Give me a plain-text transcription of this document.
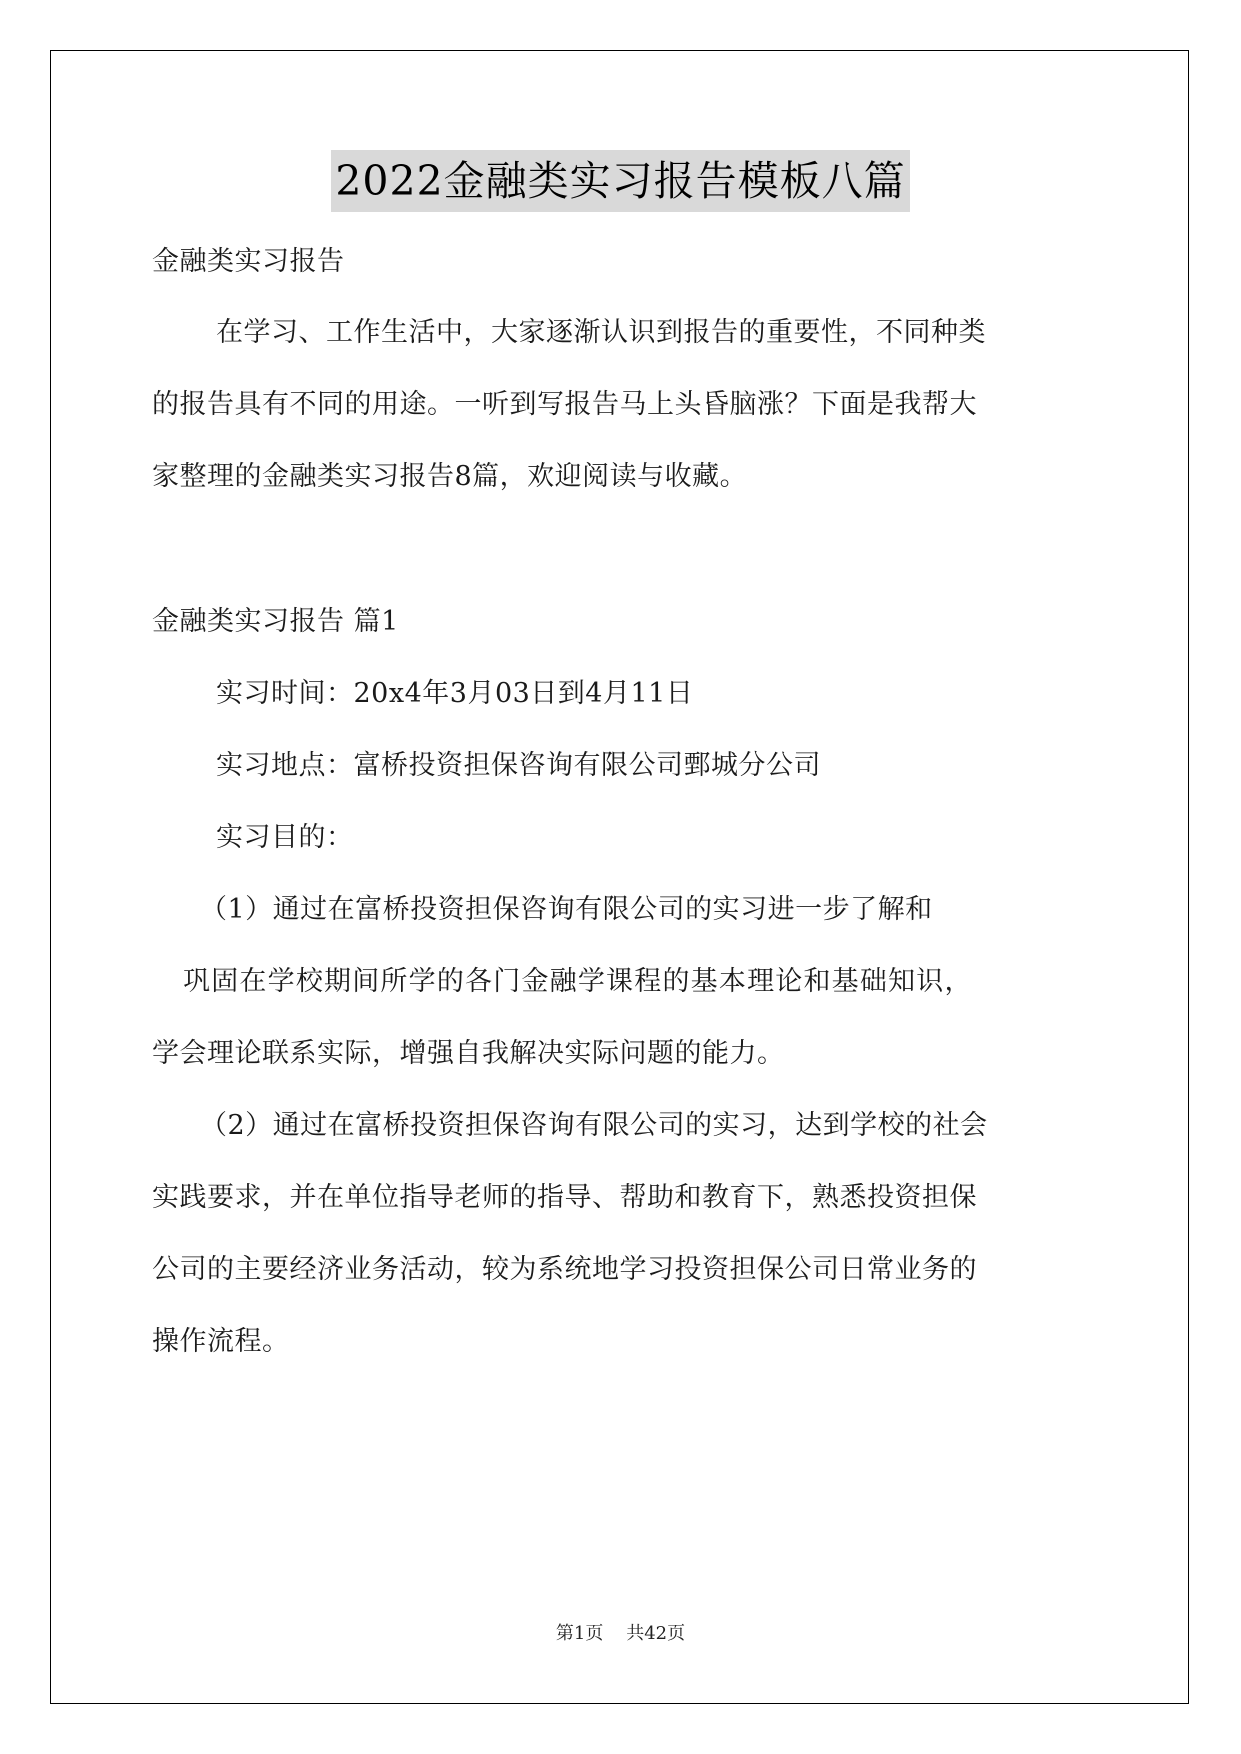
2022金融类实习报告模板八篇
金融类实习报告
在学习、工作生活中，大家逐渐认识到报告的重要性，不同种类
的报告具有不同的用途。一听到写报告马上头昏脑涨？下面是我帮大
家整理的金融类实习报告8篇，欢迎阅读与收藏。
金融类实习报告 篇1
实习时间：20x4年3月03日到4月11日
实习地点：富桥投资担保咨询有限公司鄄城分公司
实习目的：
（1）通过在富桥投资担保咨询有限公司的实习进一步了解和
巩固在学校期间所学的各门金融学课程的基本理论和基础知识，
学会理论联系实际，增强自我解决实际问题的能力。
（2）通过在富桥投资担保咨询有限公司的实习，达到学校的社会
实践要求，并在单位指导老师的指导、帮助和教育下，熟悉投资担保
公司的主要经济业务活动，较为系统地学习投资担保公司日常业务的
操作流程。
第1页 共42页
